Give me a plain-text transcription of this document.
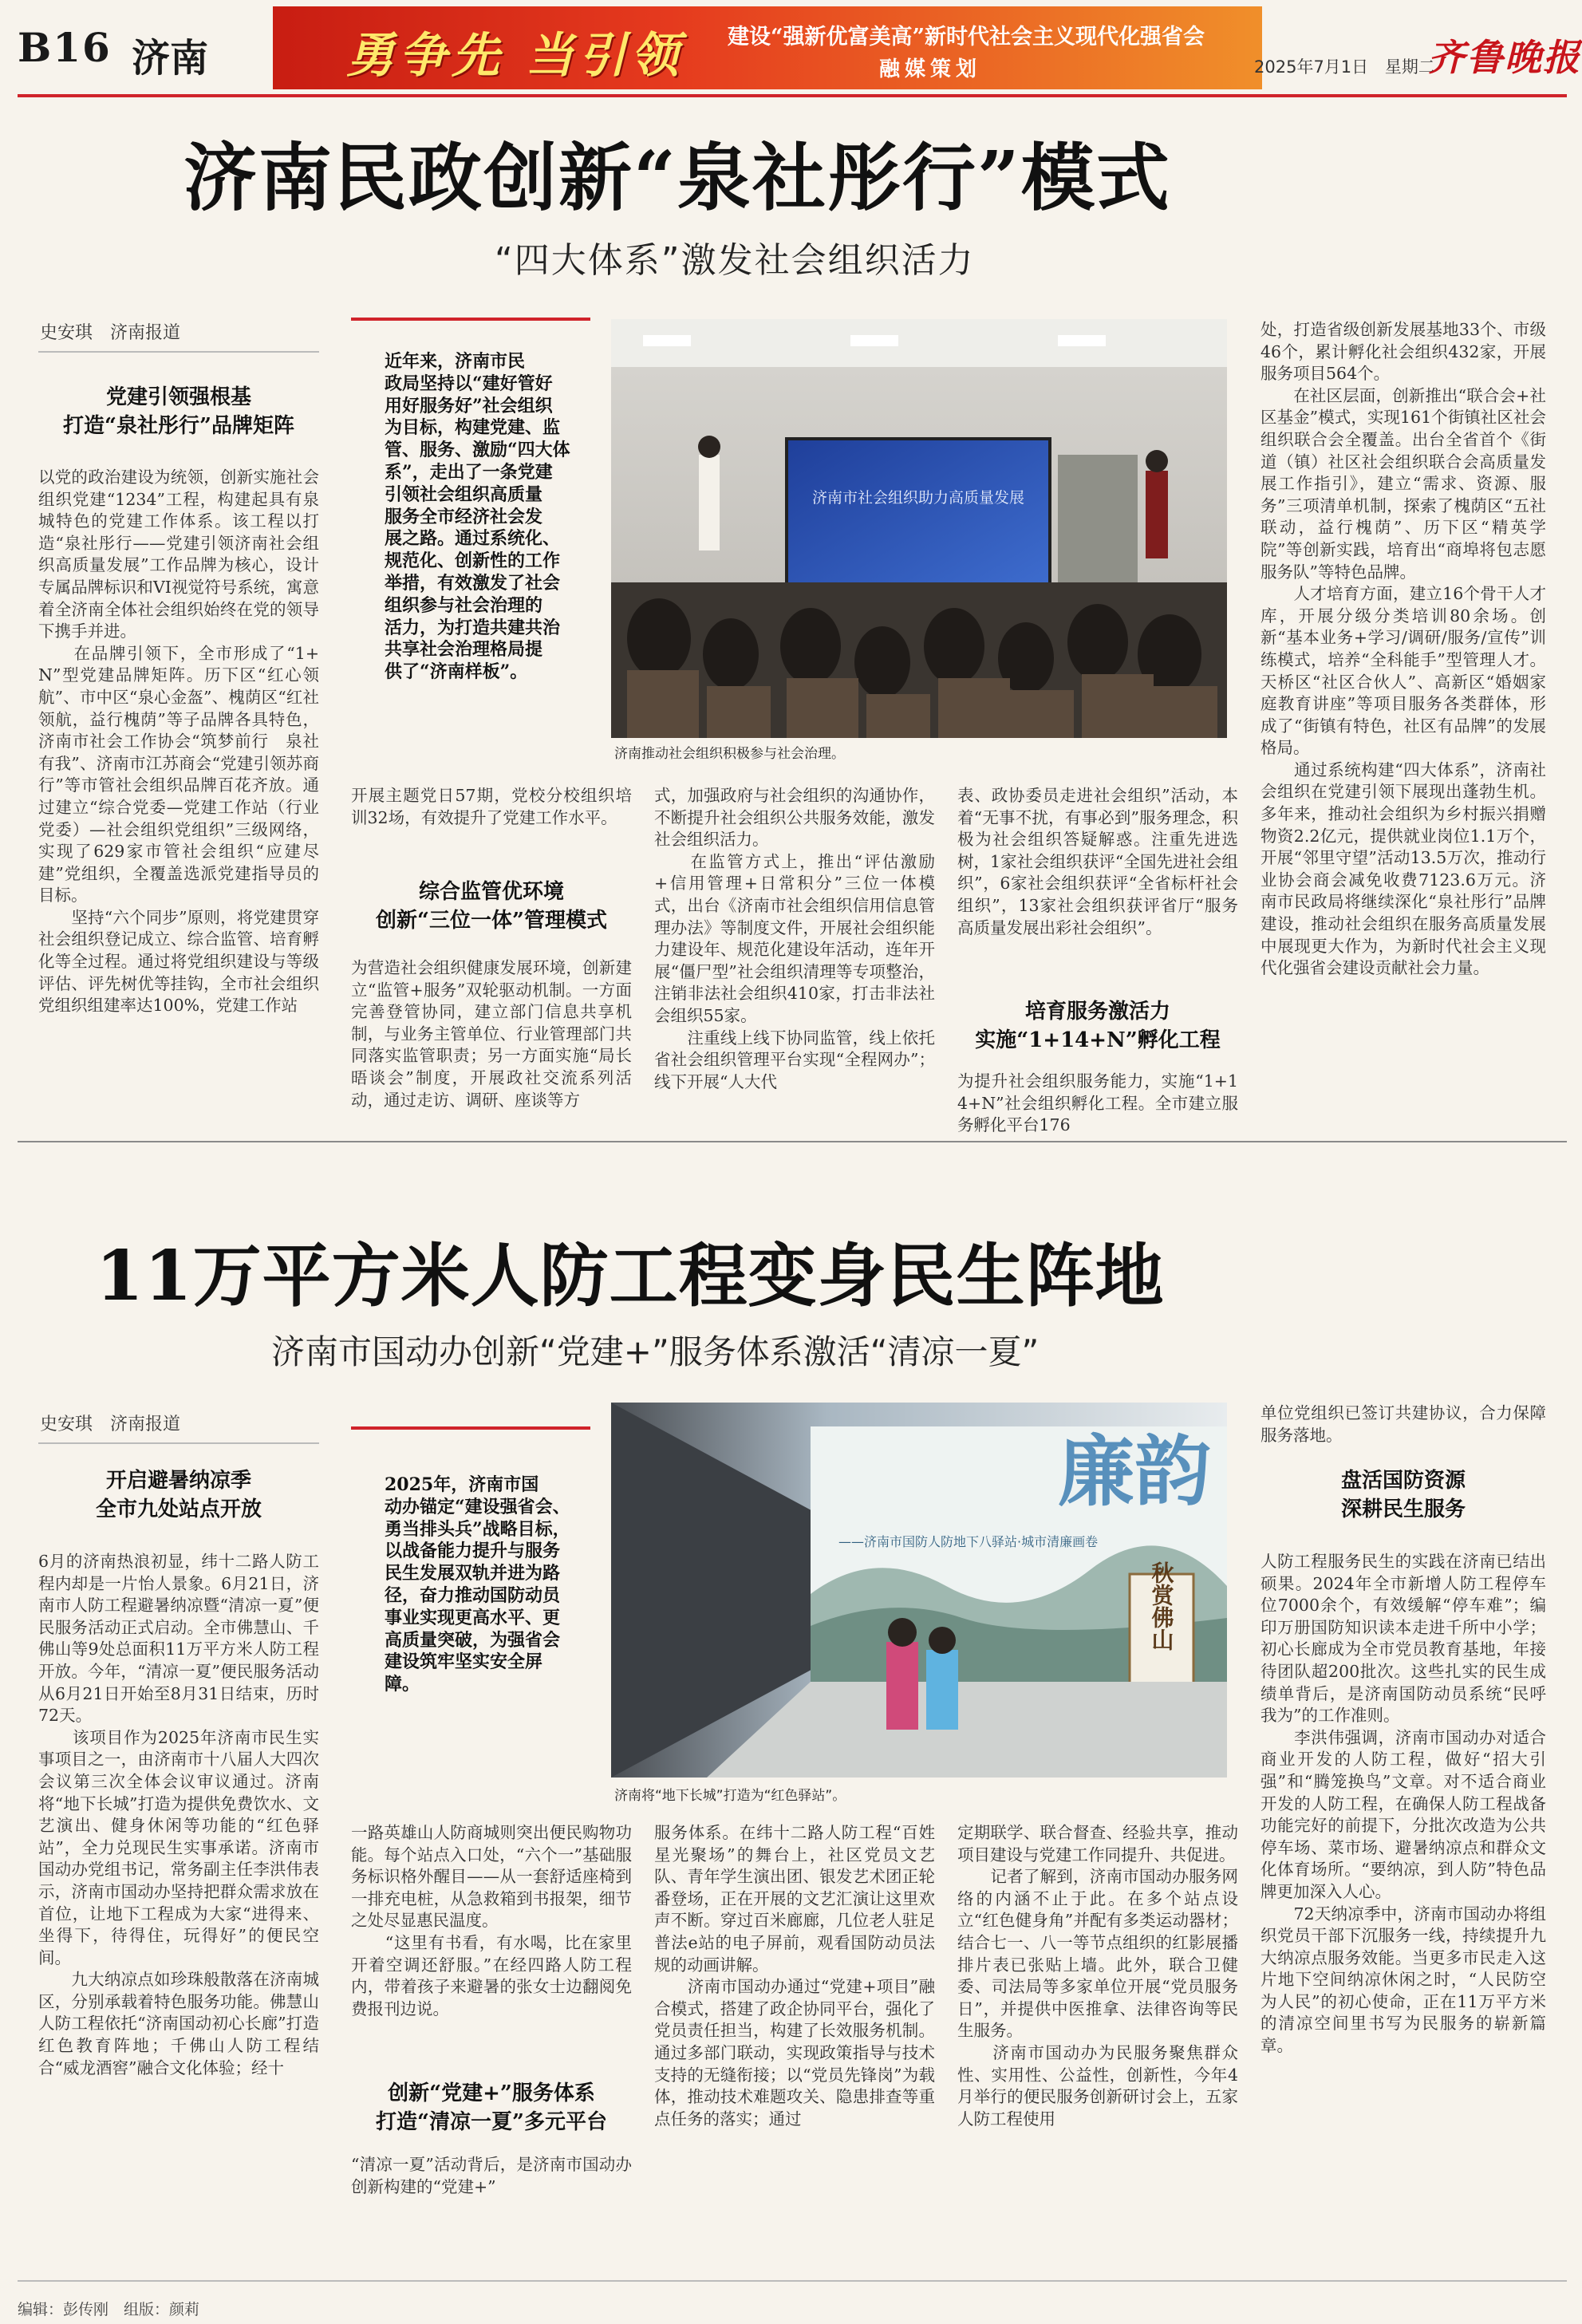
B16 济南	勇争先 当引领 建设“强新优富美高”新时代社会主义现代化强省会
融媒策划	2025年7月1日 星期二
齐鲁晚报
济南民政创新“泉社彤行”模式
“四大体系”激发社会组织活力
史安琪　济南报道
党建引领强根基
打造“泉社彤行”品牌矩阵
以党的政治建设为统领，创新实施社会组织党建“1234”工程，构建起具有泉城特色的党建工作体系。该工程以打造“泉社彤行——党建引领济南社会组织高质量发展”工作品牌为核心，设计专属品牌标识和VI视觉符号系统，寓意着全济南全体社会组织始终在党的领导下携手并进。
　　在品牌引领下，全市形成了“1+N”型党建品牌矩阵。历下区“红心领航”、市中区“泉心金盔”、槐荫区“红社领航，益行槐荫”等子品牌各具特色，济南市社会工作协会“筑梦前行　泉社有我”、济南市江苏商会“党建引领苏商行”等市管社会组织品牌百花齐放。通过建立“综合党委—党建工作站（行业党委）—社会组织党组织”三级网络，实现了629家市管社会组织“应建尽建”党组织，全覆盖选派党建指导员的目标。
　　坚持“六个同步”原则，将党建贯穿社会组织登记成立、综合监管、培育孵化等全过程。通过将党组织建设与等级评估、评先树优等挂钩，全市社会组织党组织组建率达100%，党建工作站
近年来，济南市民
政局坚持以“建好管好
用好服务好”社会组织
为目标，构建党建、监
管、服务、激励“四大体
系”，走出了一条党建
引领社会组织高质量
服务全市经济社会发
展之路。通过系统化、
规范化、创新性的工作
举措，有效激发了社会
组织参与社会治理的
活力，为打造共建共治
共享社会治理格局提
供了“济南样板”。
济南市社会组织助力高质量发展
济南推动社会组织积极参与社会治理。
开展主题党日57期，党校分校组织培训32场，有效提升了党建工作水平。
综合监管优环境
创新“三位一体”管理模式
为营造社会组织健康发展环境，创新建立“监管+服务”双轮驱动机制。一方面完善登管协同，建立部门信息共享机制，与业务主管单位、行业管理部门共同落实监管职责；另一方面实施“局长晤谈会”制度，开展政社交流系列活动，通过走访、调研、座谈等方
式，加强政府与社会组织的沟通协作，不断提升社会组织公共服务效能，激发社会组织活力。
　　在监管方式上，推出“评估激励+信用管理+日常积分”三位一体模式，出台《济南市社会组织信用信息管理办法》等制度文件，开展社会组织能力建设年、规范化建设年活动，连年开展“僵尸型”社会组织清理等专项整治，注销非法社会组织410家，打击非法社会组织55家。
　　注重线上线下协同监管，线上依托省社会组织管理平台实现“全程网办”；线下开展“人大代
表、政协委员走进社会组织”活动，本着“无事不扰，有事必到”服务理念，积极为社会组织答疑解惑。注重先进选树，1家社会组织获评“全国先进社会组织”，6家社会组织获评“全省标杆社会组织”，13家社会组织获评省厅“服务高质量发展出彩社会组织”。
培育服务激活力
实施“1+14+N”孵化工程
为提升社会组织服务能力，实施“1+14+N”社会组织孵化工程。全市建立服务孵化平台176
处，打造省级创新发展基地33个、市级46个，累计孵化社会组织432家，开展服务项目564个。
　　在社区层面，创新推出“联合会+社区基金”模式，实现161个街镇社区社会组织联合会全覆盖。出台全省首个《街道（镇）社区社会组织联合会高质量发展工作指引》，建立“需求、资源、服务”三项清单机制，探索了槐荫区“五社联动，益行槐荫”、历下区“精英学院”等创新实践，培育出“商埠将包志愿服务队”等特色品牌。
　　人才培育方面，建立16个骨干人才库，开展分级分类培训80余场。创新“基本业务+学习/调研/服务/宣传”训练模式，培养“全科能手”型管理人才。天桥区“社区合伙人”、高新区“婚姻家庭教育讲座”等项目服务各类群体，形成了“街镇有特色，社区有品牌”的发展格局。
　　通过系统构建“四大体系”，济南社会组织在党建引领下展现出蓬勃生机。多年来，推动社会组织为乡村振兴捐赠物资2.2亿元，提供就业岗位1.1万个，开展“邻里守望”活动13.5万次，推动行业协会商会减免收费7123.6万元。济南市民政局将继续深化“泉社彤行”品牌建设，推动社会组织在服务高质量发展中展现更大作为，为新时代社会主义现代化强省会建设贡献社会力量。
11万平方米人防工程变身民生阵地
济南市国动办创新“党建+”服务体系激活“清凉一夏”
史安琪　济南报道
开启避暑纳凉季
全市九处站点开放
6月的济南热浪初显，纬十二路人防工程内却是一片怡人景象。6月21日，济南市人防工程避暑纳凉暨“清凉一夏”便民服务活动正式启动。全市佛慧山、千佛山等9处总面积11万平方米人防工程开放。今年，“清凉一夏”便民服务活动从6月21日开始至8月31日结束，历时72天。
　　该项目作为2025年济南市民生实事项目之一，由济南市十八届人大四次会议第三次全体会议审议通过。济南将“地下长城”打造为提供免费饮水、文艺演出、健身休闲等功能的“红色驿站”，全力兑现民生实事承诺。济南市国动办党组书记，常务副主任李洪伟表示，济南市国动办坚持把群众需求放在首位，让地下工程成为大家“进得来、坐得下，待得住，玩得好”的便民空间。
　　九大纳凉点如珍珠般散落在济南城区，分别承载着特色服务功能。佛慧山人防工程依托“济南国动初心长廊”打造红色教育阵地；千佛山人防工程结合“威龙酒窖”融合文化体验；经十
2025年，济南市国
动办锚定“建设强省会、
勇当排头兵”战略目标，
以战备能力提升与服务
民生发展双轨并进为路
径，奋力推动国防动员
事业实现更高水平、更
高质量突破，为强省会
建设筑牢坚实安全屏
障。
廉韵
——济南市国防人防地下八驿站·城市清廉画卷
秋赏佛山
济南将“地下长城”打造为“红色驿站”。
一路英雄山人防商城则突出便民购物功能。每个站点入口处，“六个一”基础服务标识格外醒目——从一套舒适座椅到一排充电桩，从急救箱到书报架，细节之处尽显惠民温度。
　　“这里有书看，有水喝，比在家里开着空调还舒服。”在经四路人防工程内，带着孩子来避暑的张女士边翻阅免费报刊边说。
创新“党建+”服务体系
打造“清凉一夏”多元平台
“清凉一夏”活动背后，是济南市国动办创新构建的“党建+”
服务体系。在纬十二路人防工程“百姓星光聚场”的舞台上，社区党员文艺队、青年学生演出团、银发艺术团正轮番登场，正在开展的文艺汇演让这里欢声不断。穿过百米廊廊，几位老人驻足普法e站的电子屏前，观看国防动员法规的动画讲解。
　　济南市国动办通过“党建+项目”融合模式，搭建了政企协同平台，强化了党员责任担当，构建了长效服务机制。通过多部门联动，实现政策指导与技术支持的无缝衔接；以“党员先锋岗”为载体，推动技术难题攻关、隐患排查等重点任务的落实；通过
定期联学、联合督查、经验共享，推动项目建设与党建工作同提升、共促进。
　　记者了解到，济南市国动办服务网络的内涵不止于此。在多个站点设立“红色健身角”并配有多类运动器材；结合七一、八一等节点组织的红影展播排片表已张贴上墙。此外，联合卫健委、司法局等多家单位开展“党员服务日”，并提供中医推拿、法律咨询等民生服务。
　　济南市国动办为民服务聚焦群众性、实用性、公益性，创新性，今年4月举行的便民服务创新研讨会上，五家人防工程使用
单位党组织已签订共建协议，合力保障服务落地。
盘活国防资源
深耕民生服务
人防工程服务民生的实践在济南已结出硕果。2024年全市新增人防工程停车位7000余个，有效缓解“停车难”；编印万册国防知识读本走进千所中小学；初心长廊成为全市党员教育基地，年接待团队超200批次。这些扎实的民生成绩单背后，是济南国防动员系统“民呼我为”的工作准则。
　　李洪伟强调，济南市国动办对适合商业开发的人防工程，做好“招大引强”和“腾笼换鸟”文章。对不适合商业开发的人防工程，在确保人防工程战备功能完好的前提下，分批次改造为公共停车场、菜市场、避暑纳凉点和群众文化体育场所。“要纳凉，到人防”特色品牌更加深入人心。
　　72天纳凉季中，济南市国动办将组织党员干部下沉服务一线，持续提升九大纳凉点服务效能。当更多市民走入这片地下空间纳凉休闲之时，“人民防空为人民”的初心使命，正在11万平方米的清凉空间里书写为民服务的崭新篇章。
编辑：彭传刚　组版：颜莉
